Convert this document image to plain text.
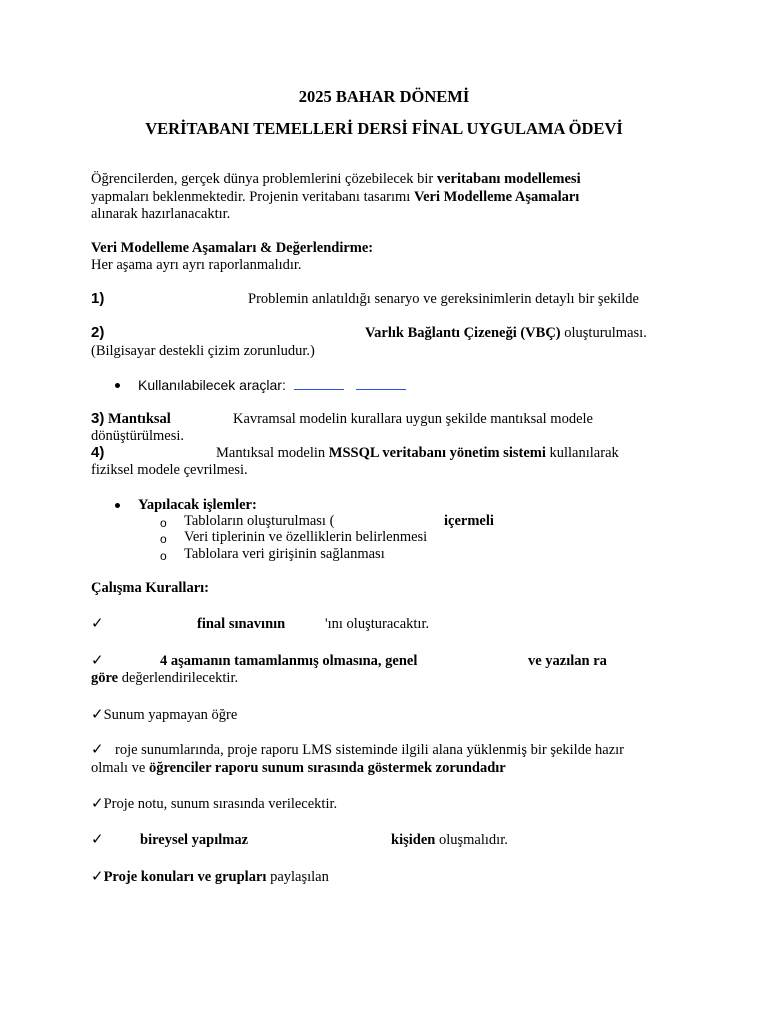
2025 BAHAR DÖNEMİ
VERİTABANI TEMELLERİ DERSİ FİNAL UYGULAMA ÖDEVİ
Öğrencilerden, gerçek dünya problemlerini çözebilecek bir veritabanı modellemesi
yapmaları beklenmektedir. Projenin veritabanı tasarımı Veri Modelleme Aşamaları
alınarak hazırlanacaktır.
Veri Modelleme Aşamaları & Değerlendirme:
Her aşama ayrı ayrı raporlanmalıdır.
1)	Problemin anlatıldığı senaryo ve gereksinimlerin detaylı bir şekilde
2)	Varlık Bağlantı Çizeneği (VBÇ) oluşturulması.
(Bilgisayar destekli çizim zorunludur.)
Kullanılabilecek araçlar:
3) Mantıksal	Kavramsal modelin kurallara uygun şekilde mantıksal modele
dönüştürülmesi.
4)	Mantıksal modelin MSSQL veritabanı yönetim sistemi kullanılarak
fiziksel modele çevrilmesi.
Yapılacak işlemler:
o Tabloların oluşturulması (	içermeli
o Veri tiplerinin ve özelliklerin belirlenmesi
o Tablolara veri girişinin sağlanması
Çalışma Kuralları:
✓	final sınavının	'ını oluşturacaktır.
✓	4 aşamanın tamamlanmış olmasına, genel	ve yazılan ra
göre değerlendirilecektir.
✓Sunum yapmayan öğre
✓ roje sunumlarında, proje raporu LMS sisteminde ilgili alana yüklenmiş bir şekilde hazır
olmalı ve öğrenciler raporu sunum sırasında göstermek zorundadır
✓Proje notu, sunum sırasında verilecektir.
✓	bireysel yapılmaz	kişiden oluşmalıdır.
✓Proje konuları ve grupları paylaşılan
